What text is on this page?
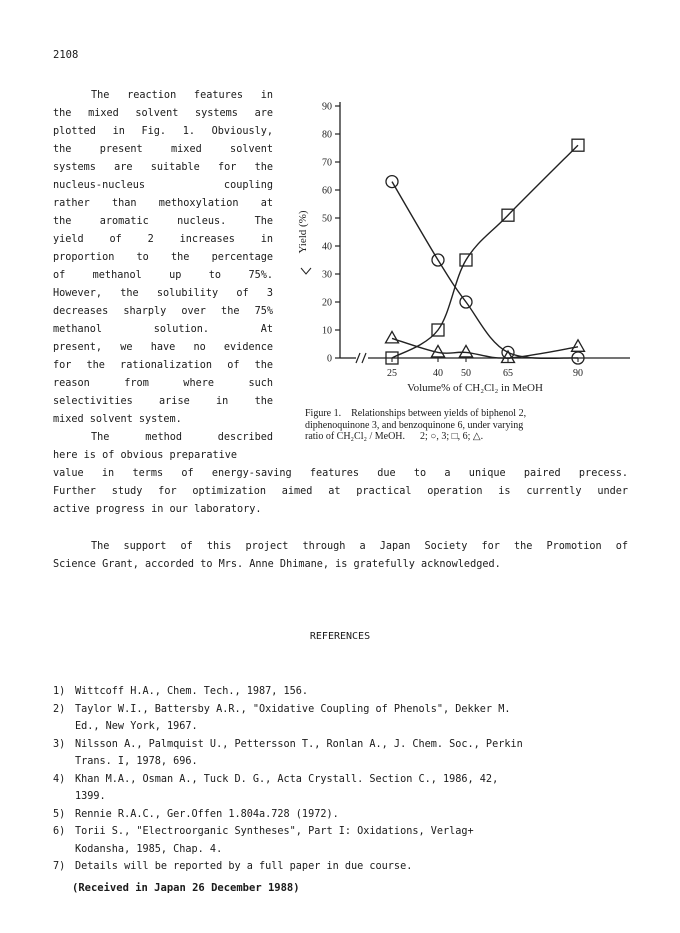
2108
The reaction features in
the mixed solvent systems are
plotted in Fig. 1. Obviously,
the present mixed solvent
systems are suitable for the
nucleus-nucleus coupling
rather than methoxylation at
the aromatic nucleus. The
yield of 2 increases in
proportion to the percentage
of methanol up to 75%.
However, the solubility of 3
decreases sharply over the 75%
methanol solution. At
present, we have no evidence
for the rationalization of the
reason from where such
selectivities arise in the
mixed solvent system.
The method described
here is of obvious preparative
0
10
20
30
40
50
60
70
80
90
25	40 50	65	90
Yield (%)
Volume% of CH₂Cl₂ in MeOH
Figure 1.    Relationships between yields of biphenol 2,
diphenoquinone 3, and benzoquinone 6, under varying
ratio of CH₂Cl₂ / MeOH.      2; ○, 3; □, 6; △.
value in terms of energy-saving features due to a unique paired precess.
Further study for optimization aimed at practical operation is currently under
active progress in our laboratory.
The support of this project through a Japan Society for the Promotion of
Science Grant, accorded to Mrs. Anne Dhimane, is gratefully acknowledged.
REFERENCES
1) Wittcoff H.A., Chem. Tech., 1987, 156.
2) Taylor W.I., Battersby A.R., "Oxidative Coupling of Phenols", Dekker M.
Ed., New York, 1967.
3) Nilsson A., Palmquist U., Pettersson T., Ronlan A., J. Chem. Soc., Perkin
Trans. I, 1978, 696.
4) Khan M.A., Osman A., Tuck D. G., Acta Crystall. Section C., 1986, 42,
1399.
5) Rennie R.A.C., Ger.Offen 1.804a.728 (1972).
6) Torii S., "Electroorganic Syntheses", Part I: Oxidations, Verlag+
Kodansha, 1985, Chap. 4.
7) Details will be reported by a full paper in due course.
(Received in Japan 26 December 1988)
